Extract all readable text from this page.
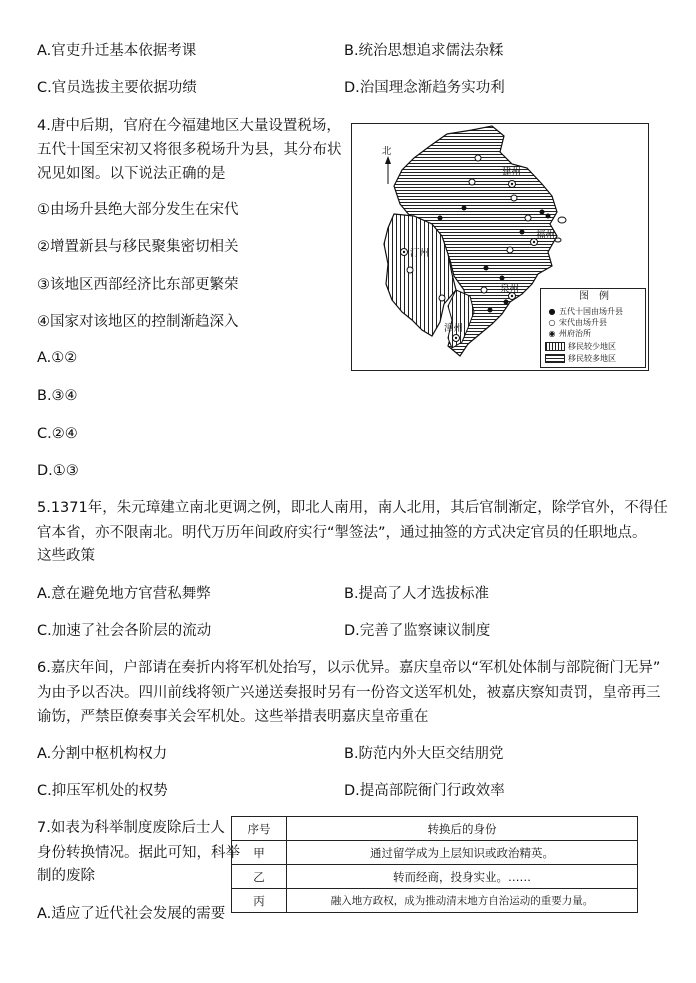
A.官吏升迁基本依据考课	B.统治思想追求儒法杂糅
C.官员选拔主要依据功绩	D.治国理念渐趋务实功利
4.唐中后期，官府在今福建地区大量设置税场，
五代十国至宋初又将很多税场升为县，其分布状
况见如图。以下说法正确的是
①由场升县绝大部分发生在宋代
②增置新县与移民聚集密切相关
③该地区西部经济比东部更繁荣
④国家对该地区的控制渐趋深入
A.①②
B.③④
C.②④
D.①③
北
建州
福州
泉州
汀州
漳州
图　例
● 五代十国由场升县
○ 宋代由场升县
◉ 州府治所
移民较少地区
移民较多地区
5.1371年，朱元璋建立南北更调之例，即北人南用，南人北用，其后官制渐定，除学官外，不得任
官本省，亦不限南北。明代万历年间政府实行“掣签法”，通过抽签的方式决定官员的任职地点。
这些政策
A.意在避免地方官营私舞弊	B.提高了人才选拔标准
C.加速了社会各阶层的流动	D.完善了监察谏议制度
6.嘉庆年间，户部请在奏折内将军机处抬写，以示优异。嘉庆皇帝以“军机处体制与部院衙门无异”
为由予以否决。四川前线将领广兴递送奏报时另有一份咨文送军机处，被嘉庆察知责罚，皇帝再三
谕饬，严禁臣僚奏事关会军机处。这些举措表明嘉庆皇帝重在
A.分割中枢机构权力	B.防范内外大臣交结朋党
C.抑压军机处的权势	D.提高部院衙门行政效率
7.如表为科举制度废除后士人
身份转换情况。据此可知，科举
制的废除
A.适应了近代社会发展的需要
序号	转换后的身份
甲	通过留学成为上层知识或政治精英。
乙	转而经商，投身实业。……
丙	融入地方政权，成为推动清末地方自治运动的重要力量。
